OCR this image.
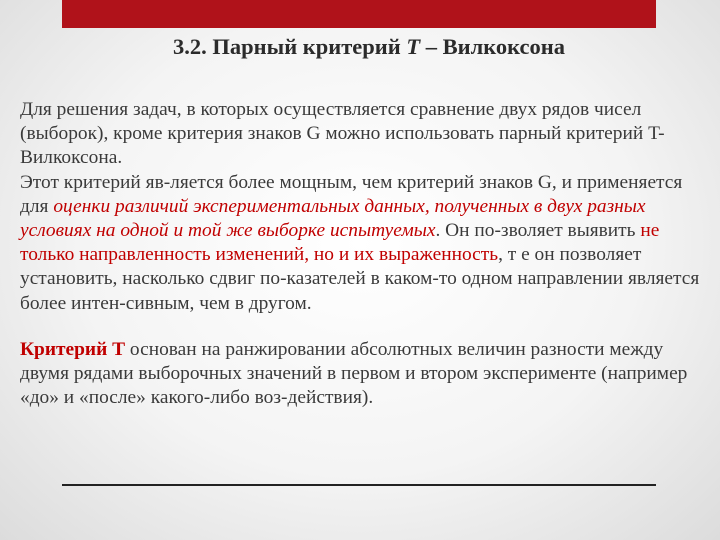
3.2. Парный критерий T – Вилкоксона

Для решения задач, в которых осуществляется сравнение двух рядов чисел (выборок), кроме критерия знаков G можно использовать парный критерий T- Вилкоксона.

Этот критерий яв-ляется более мощным, чем критерий знаков G, и применяется для оценки различий экспериментальных данных, полученных в двух разных условиях на одной и той же выборке испытуемых. Он по-зволяет выявить не только направленность изменений, но и их выраженность, т е он позволяет установить, насколько сдвиг по-казателей в каком-то одном направлении является более интен-сивным, чем в другом.

Критерий Т основан на ранжировании абсолютных величин разности между двумя рядами выборочных значений в первом и втором эксперименте (например «до» и «после» какого-либо воз-действия).
